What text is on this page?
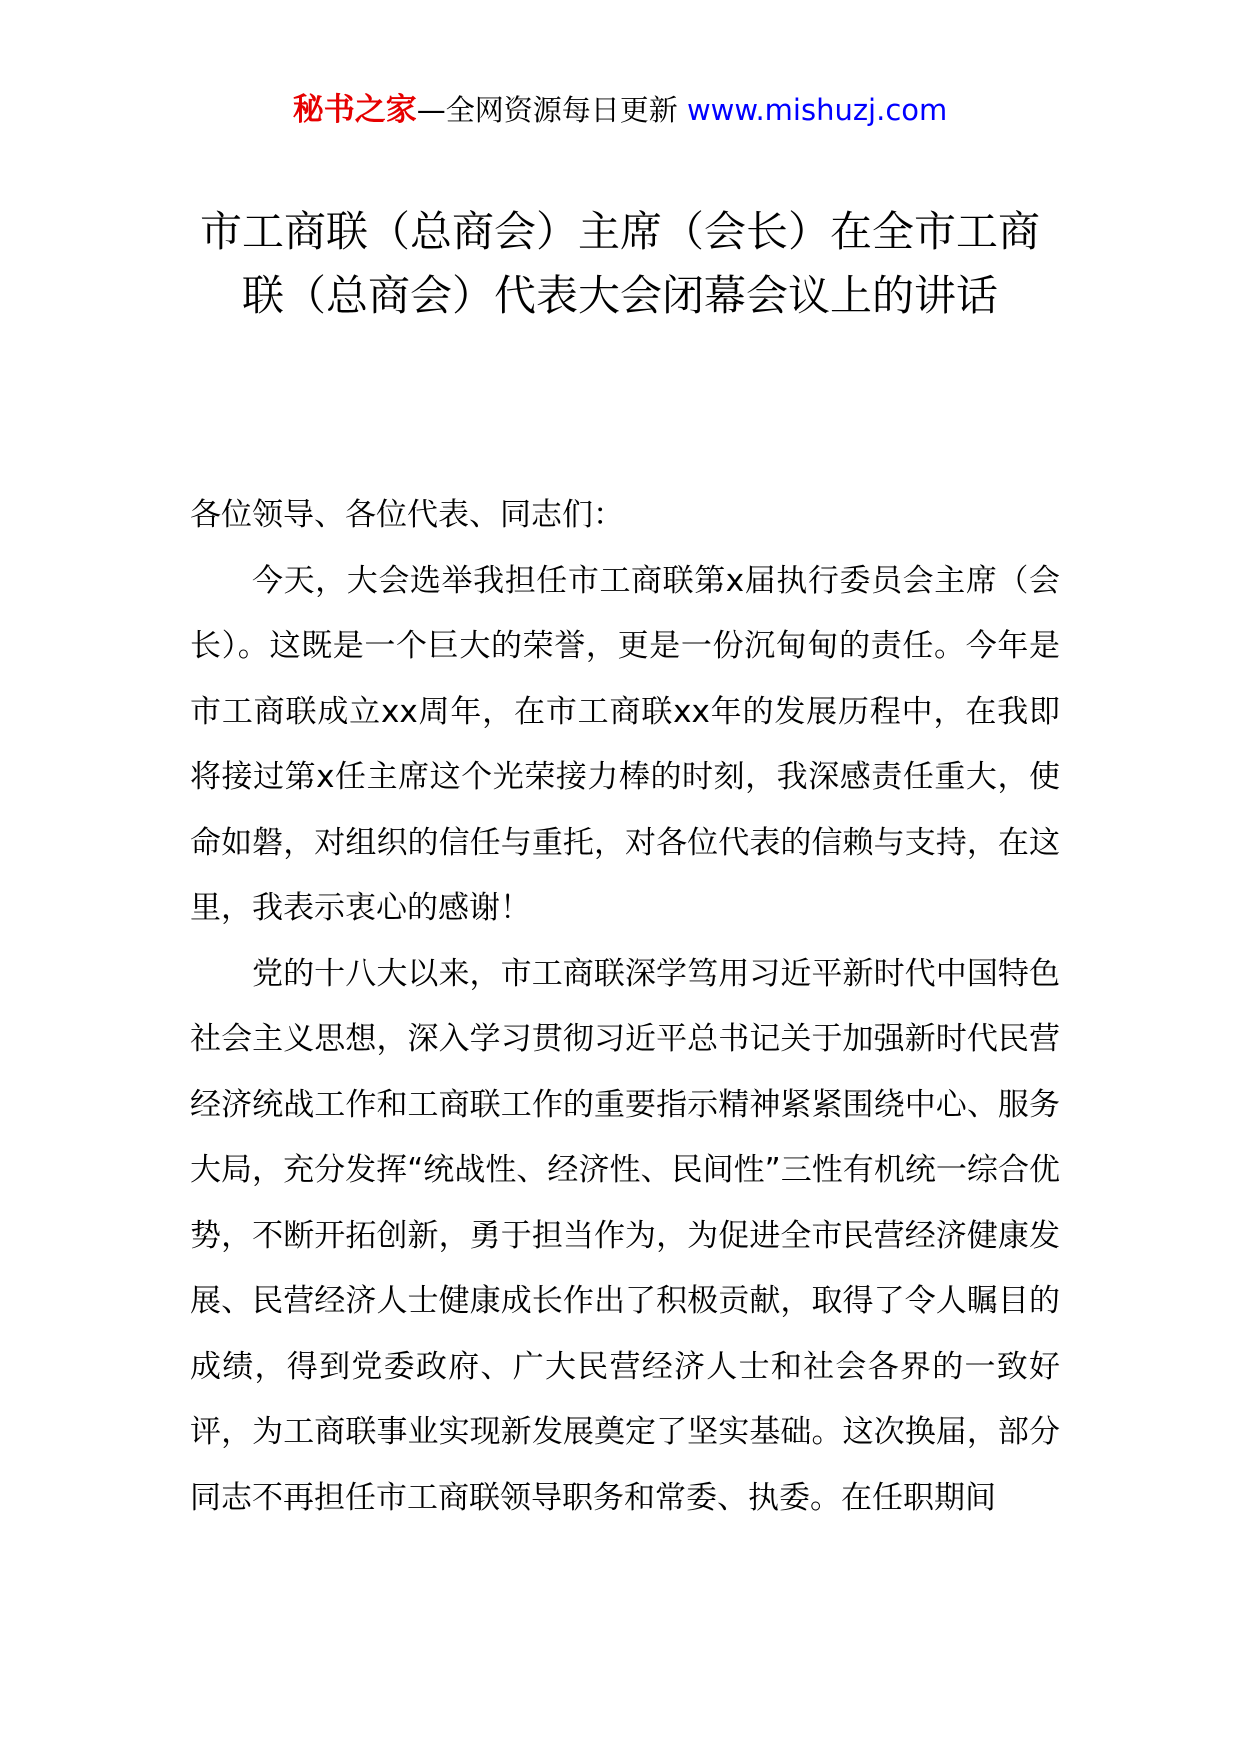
秘书之家—全网资源每日更新 www.mishuzj.com
市工商联（总商会）主席（会长）在全市工商联（总商会）代表大会闭幕会议上的讲话

各位领导、各位代表、同志们：

今天，大会选举我担任市工商联第x届执行委员会主席（会长）。这既是一个巨大的荣誉，更是一份沉甸甸的责任。今年是市工商联成立xx周年，在市工商联xx年的发展历程中，在我即将接过第x任主席这个光荣接力棒的时刻，我深感责任重大，使命如磐，对组织的信任与重托，对各位代表的信赖与支持，在这里，我表示衷心的感谢！

党的十八大以来，市工商联深学笃用习近平新时代中国特色社会主义思想，深入学习贯彻习近平总书记关于加强新时代民营经济统战工作和工商联工作的重要指示精神紧紧围绕中心、服务大局，充分发挥“统战性、经济性、民间性”三性有机统一综合优势，不断开拓创新，勇于担当作为，为促进全市民营经济健康发展、民营经济人士健康成长作出了积极贡献，取得了令人瞩目的成绩，得到党委政府、广大民营经济人士和社会各界的一致好评，为工商联事业实现新发展奠定了坚实基础。这次换届，部分同志不再担任市工商联领导职务和常委、执委。在任职期间
